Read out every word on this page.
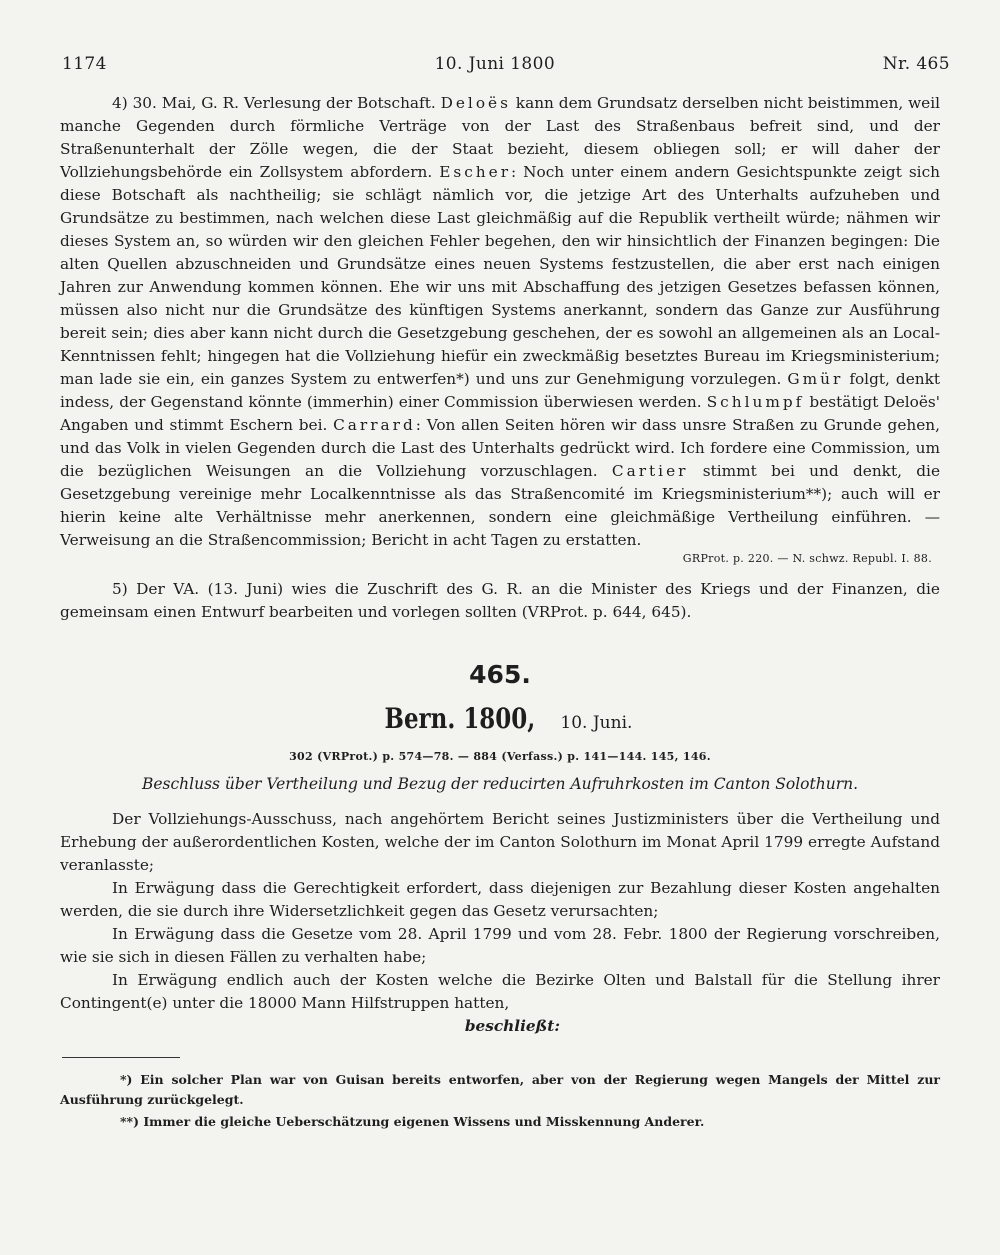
1174	10. Juni 1800	Nr. 465

4) 30. Mai, G. R. Verlesung der Botschaft. Deloës kann dem Grundsatz derselben nicht beistimmen, weil manche Gegenden durch förmliche Verträge von der Last des Straßenbaus befreit sind, und der Straßenunterhalt der Zölle wegen, die der Staat bezieht, diesem obliegen soll; er will daher der Vollziehungsbehörde ein Zollsystem abfordern. Escher: Noch unter einem andern Gesichtspunkte zeigt sich diese Botschaft als nachtheilig; sie schlägt nämlich vor, die jetzige Art des Unterhalts aufzuheben und Grundsätze zu bestimmen, nach welchen diese Last gleichmäßig auf die Republik vertheilt würde; nähmen wir dieses System an, so würden wir den gleichen Fehler begehen, den wir hinsichtlich der Finanzen begingen: Die alten Quellen abzuschneiden und Grundsätze eines neuen Systems festzustellen, die aber erst nach einigen Jahren zur Anwendung kommen können. Ehe wir uns mit Abschaffung des jetzigen Gesetzes befassen können, müssen also nicht nur die Grundsätze des künftigen Systems anerkannt, sondern das Ganze zur Ausführung bereit sein; dies aber kann nicht durch die Gesetzgebung geschehen, der es sowohl an allgemeinen als an Local-Kenntnissen fehlt; hingegen hat die Vollziehung hiefür ein zweckmäßig besetztes Bureau im Kriegsministerium; man lade sie ein, ein ganzes System zu entwerfen*) und uns zur Genehmigung vorzulegen. Gmür folgt, denkt indess, der Gegenstand könnte (immerhin) einer Commission überwiesen werden. Schlumpf bestätigt Deloës' Angaben und stimmt Eschern bei. Carrard: Von allen Seiten hören wir dass unsre Straßen zu Grunde gehen, und das Volk in vielen Gegenden durch die Last des Unterhalts gedrückt wird. Ich fordere eine Commission, um die bezüglichen Weisungen an die Vollziehung vorzuschlagen. Cartier stimmt bei und denkt, die Gesetzgebung vereinige mehr Localkenntnisse als das Straßencomité im Kriegsministerium**); auch will er hierin keine alte Verhältnisse mehr anerkennen, sondern eine gleichmäßige Vertheilung einführen. — Verweisung an die Straßencommission; Bericht in acht Tagen zu erstatten.

GRProt. p. 220. — N. schwz. Republ. I. 88.

5) Der VA. (13. Juni) wies die Zuschrift des G. R. an die Minister des Kriegs und der Finanzen, die gemeinsam einen Entwurf bearbeiten und vorlegen sollten (VRProt. p. 644, 645).

465.
Bern. 1800, 10. Juni.
302 (VRProt.) p. 574—78. — 884 (Verfass.) p. 141—144. 145, 146.
Beschluss über Vertheilung und Bezug der reducirten Aufruhrkosten im Canton Solothurn.

Der Vollziehungs-Ausschuss, nach angehörtem Bericht seines Justizministers über die Vertheilung und Erhebung der außerordentlichen Kosten, welche der im Canton Solothurn im Monat April 1799 erregte Aufstand veranlasste;

In Erwägung dass die Gerechtigkeit erfordert, dass diejenigen zur Bezahlung dieser Kosten angehalten werden, die sie durch ihre Widersetzlichkeit gegen das Gesetz verursachten;

In Erwägung dass die Gesetze vom 28. April 1799 und vom 28. Febr. 1800 der Regierung vorschreiben, wie sie sich in diesen Fällen zu verhalten habe;

In Erwägung endlich auch der Kosten welche die Bezirke Olten und Balstall für die Stellung ihrer Contingent(e) unter die 18000 Mann Hilfstruppen hatten,

beschließt:

*) Ein solcher Plan war von Guisan bereits entworfen, aber von der Regierung wegen Mangels der Mittel zur Ausführung zurückgelegt.

**) Immer die gleiche Ueberschätzung eigenen Wissens und Misskennung Anderer.
